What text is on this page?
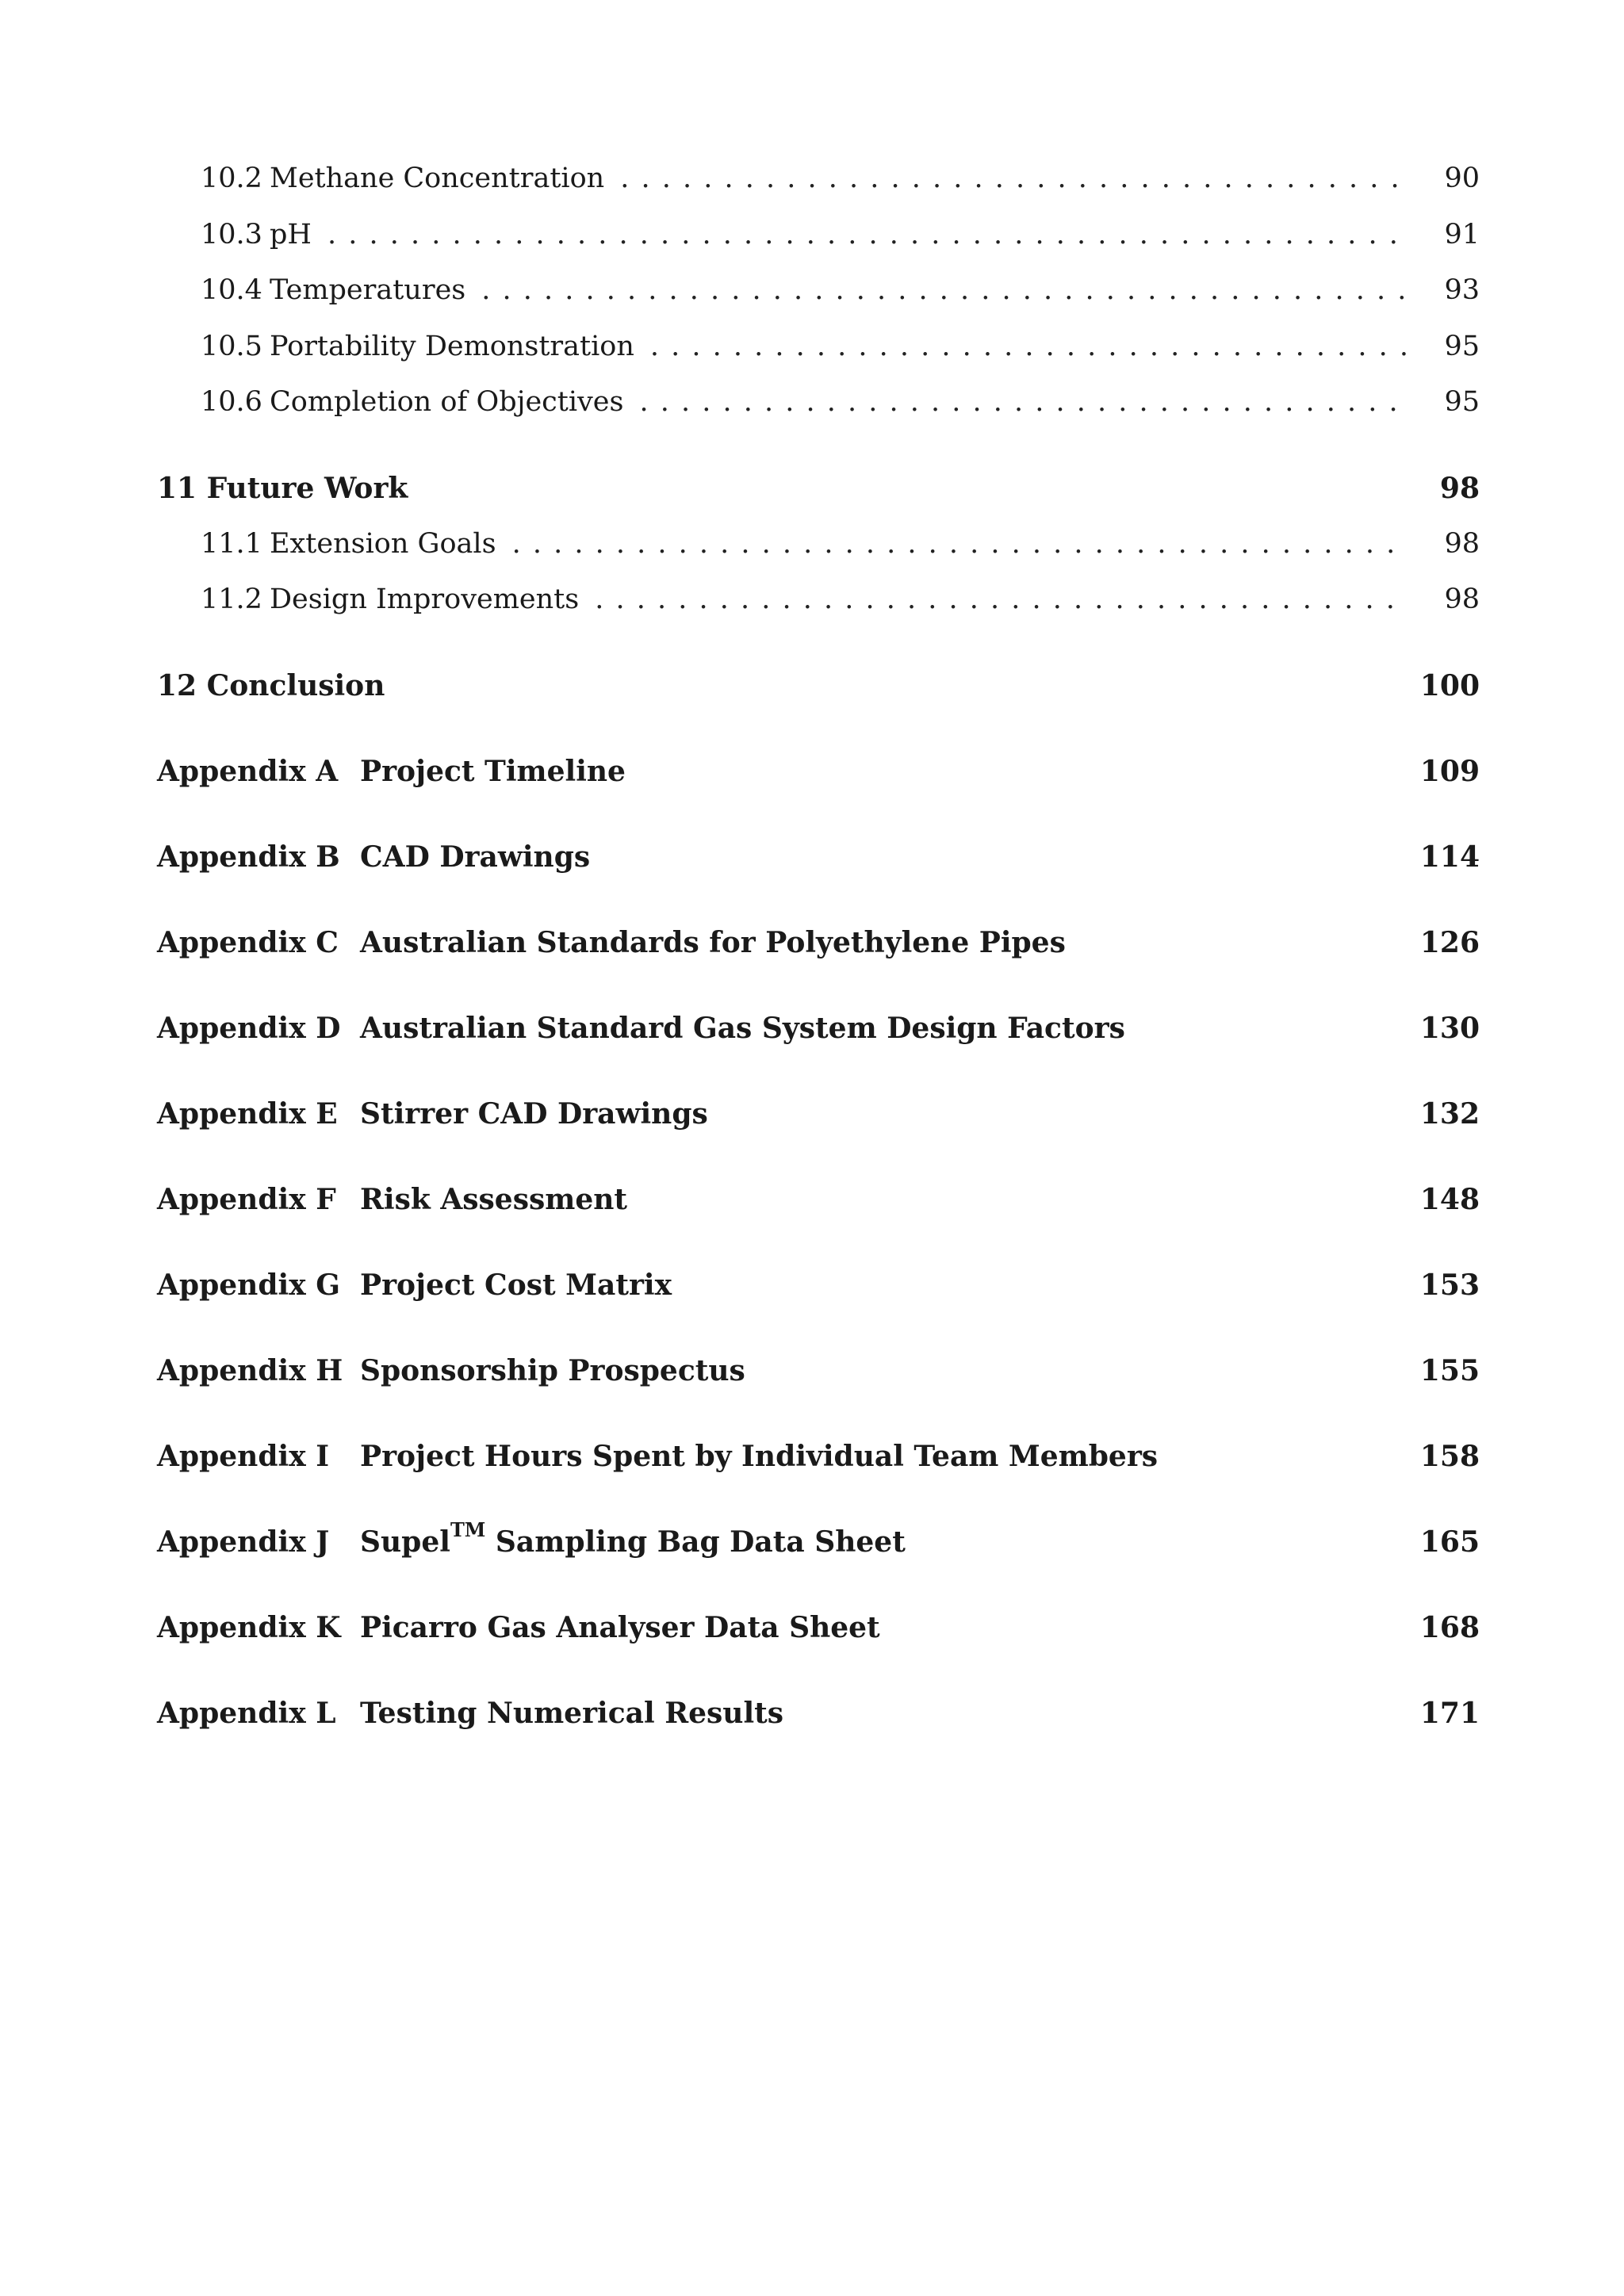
10.2 Methane Concentration . . .	90
10.3 pH . . .	91
10.4 Temperatures . . .	93
10.5 Portability Demonstration . . .	95
10.6 Completion of Objectives . . .	95
11 Future Work	98
11.1 Extension Goals . . .	98
11.2 Design Improvements . . .	98
12 Conclusion	100
Appendix A Project Timeline	109
Appendix B CAD Drawings	114
Appendix C Australian Standards for Polyethylene Pipes	126
Appendix D Australian Standard Gas System Design Factors	130
Appendix E Stirrer CAD Drawings	132
Appendix F Risk Assessment	148
Appendix G Project Cost Matrix	153
Appendix H Sponsorship Prospectus	155
Appendix I	Project Hours Spent by Individual Team Members	158
Appendix J	Supel™ Sampling Bag Data Sheet	165
Appendix K Picarro Gas Analyser Data Sheet	168
Appendix L Testing Numerical Results	171
